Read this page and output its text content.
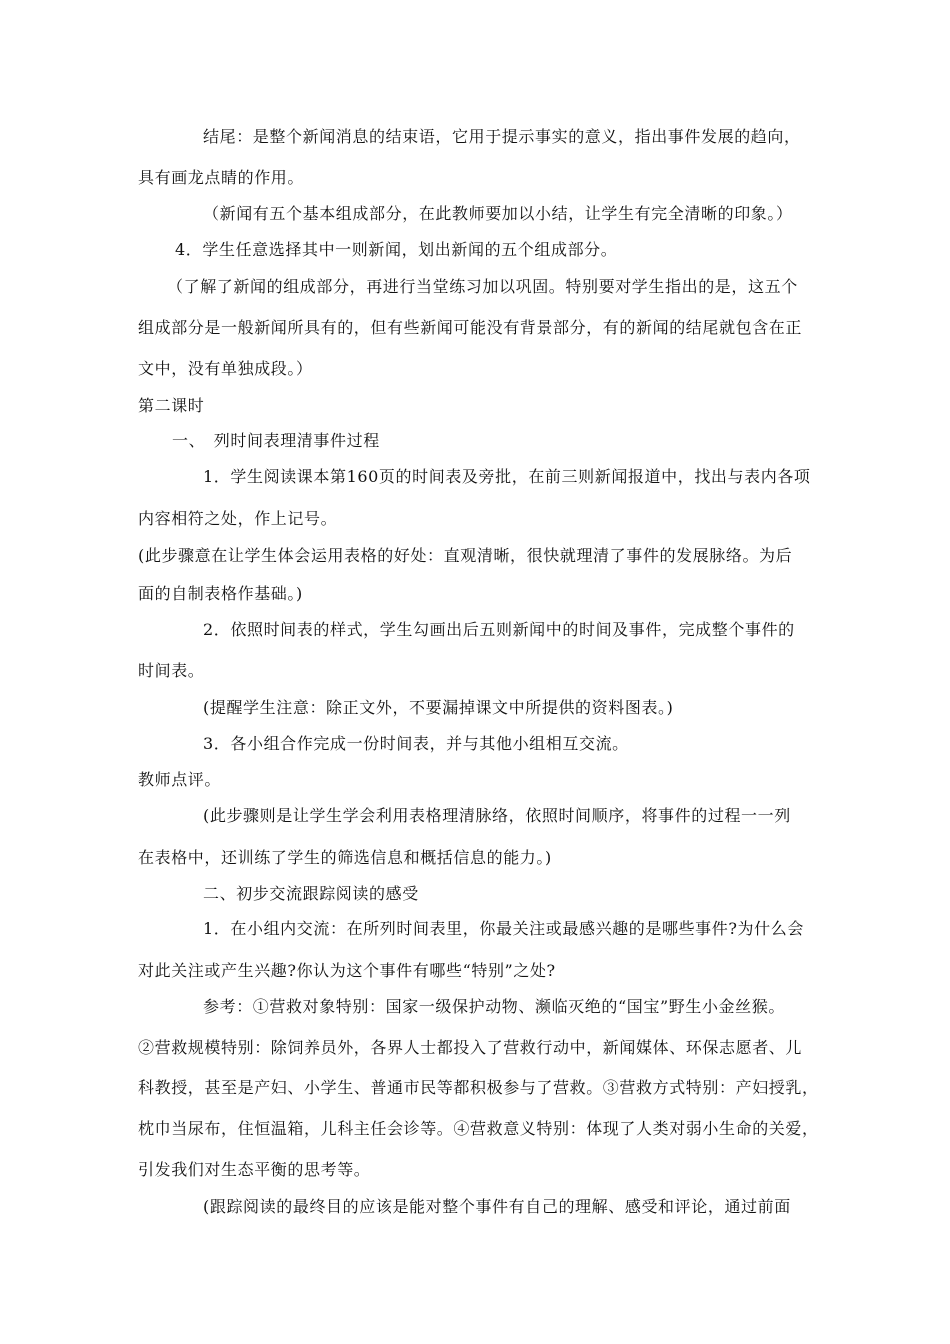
结尾：是整个新闻消息的结束语，它用于提示事实的意义，指出事件发展的趋向，
具有画龙点睛的作用。
（新闻有五个基本组成部分，在此教师要加以小结，让学生有完全清晰的印象。）
4．学生任意选择其中一则新闻，划出新闻的五个组成部分。
（了解了新闻的组成部分，再进行当堂练习加以巩固。特别要对学生指出的是，这五个
组成部分是一般新闻所具有的，但有些新闻可能没有背景部分，有的新闻的结尾就包含在正
文中，没有单独成段。）
第二课时
一、　列时间表理清事件过程
1．学生阅读课本第160页的时间表及旁批，在前三则新闻报道中，找出与表内各项
内容相符之处，作上记号。
(此步骤意在让学生体会运用表格的好处：直观清晰，很快就理清了事件的发展脉络。为后
面的自制表格作基础。)
2．依照时间表的样式，学生勾画出后五则新闻中的时间及事件，完成整个事件的
时间表。
(提醒学生注意：除正文外，不要漏掉课文中所提供的资料图表。)
3．各小组合作完成一份时间表，并与其他小组相互交流。
教师点评。
(此步骤则是让学生学会利用表格理清脉络，依照时间顺序，将事件的过程一一列
在表格中，还训练了学生的筛选信息和概括信息的能力。)
二、初步交流跟踪阅读的感受
1．在小组内交流：在所列时间表里，你最关注或最感兴趣的是哪些事件?为什么会
对此关注或产生兴趣?你认为这个事件有哪些“特别”之处?
参考：①营救对象特别：国家一级保护动物、濒临灭绝的“国宝”野生小金丝猴。
②营救规模特别：除饲养员外，各界人士都投入了营救行动中，新闻媒体、环保志愿者、儿
科教授，甚至是产妇、小学生、普通市民等都积极参与了营救。③营救方式特别：产妇授乳，
枕巾当尿布，住恒温箱，儿科主任会诊等。④营救意义特别：体现了人类对弱小生命的关爱，
引发我们对生态平衡的思考等。
(跟踪阅读的最终目的应该是能对整个事件有自己的理解、感受和评论，通过前面
